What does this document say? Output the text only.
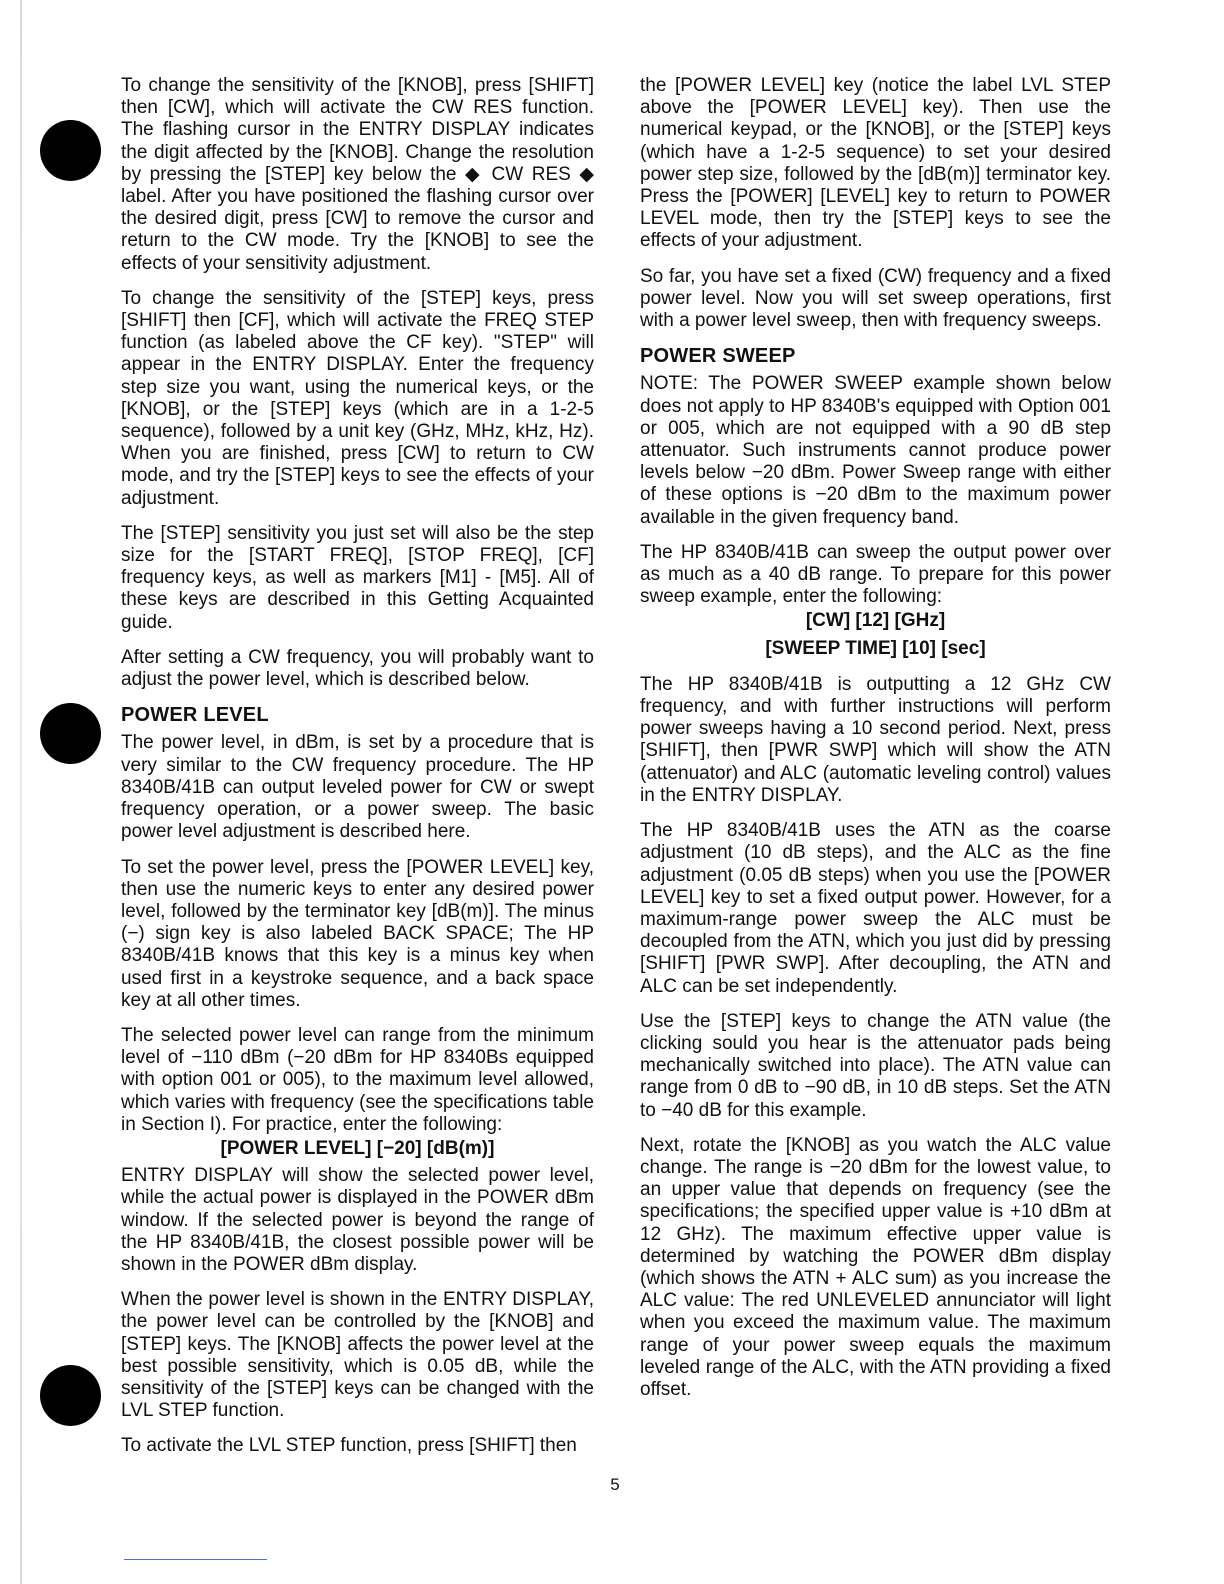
To change the sensitivity of the [KNOB], press [SHIFT] then [CW], which will activate the CW RES function. The flashing cursor in the ENTRY DISPLAY indicates the digit affected by the [KNOB]. Change the resolution by pressing the [STEP] key below the ◆ CW RES ◆ label. After you have positioned the flashing cursor over the desired digit, press [CW] to remove the cursor and return to the CW mode. Try the [KNOB] to see the effects of your sensitivity adjustment.

To change the sensitivity of the [STEP] keys, press [SHIFT] then [CF], which will activate the FREQ STEP function (as labeled above the CF key). "STEP" will appear in the ENTRY DISPLAY. Enter the frequency step size you want, using the numerical keys, or the [KNOB], or the [STEP] keys (which are in a 1-2-5 sequence), followed by a unit key (GHz, MHz, kHz, Hz). When you are finished, press [CW] to return to CW mode, and try the [STEP] keys to see the effects of your adjustment.

The [STEP] sensitivity you just set will also be the step size for the [START FREQ], [STOP FREQ], [CF] frequency keys, as well as markers [M1] - [M5]. All of these keys are described in this Getting Acquainted guide.

After setting a CW frequency, you will probably want to adjust the power level, which is described below.

POWER LEVEL

The power level, in dBm, is set by a procedure that is very similar to the CW frequency procedure. The HP 8340B/41B can output leveled power for CW or swept frequency operation, or a power sweep. The basic power level adjustment is described here.

To set the power level, press the [POWER LEVEL] key, then use the numeric keys to enter any desired power level, followed by the terminator key [dB(m)]. The minus (−) sign key is also labeled BACK SPACE; The HP 8340B/41B knows that this key is a minus key when used first in a keystroke sequence, and a back space key at all other times.

The selected power level can range from the minimum level of −110 dBm (−20 dBm for HP 8340Bs equipped with option 001 or 005), to the maximum level allowed, which varies with frequency (see the specifications table in Section I). For practice, enter the following:

[POWER LEVEL] [−20] [dB(m)]

ENTRY DISPLAY will show the selected power level, while the actual power is displayed in the POWER dBm window. If the selected power is beyond the range of the HP 8340B/41B, the closest possible power will be shown in the POWER dBm display.

When the power level is shown in the ENTRY DISPLAY, the power level can be controlled by the [KNOB] and [STEP] keys. The [KNOB] affects the power level at the best possible sensitivity, which is 0.05 dB, while the sensitivity of the [STEP] keys can be changed with the LVL STEP function.

To activate the LVL STEP function, press [SHIFT] then

the [POWER LEVEL] key (notice the label LVL STEP above the [POWER LEVEL] key). Then use the numerical keypad, or the [KNOB], or the [STEP] keys (which have a 1-2-5 sequence) to set your desired power step size, followed by the [dB(m)] terminator key. Press the [POWER] [LEVEL] key to return to POWER LEVEL mode, then try the [STEP] keys to see the effects of your adjustment.

So far, you have set a fixed (CW) frequency and a fixed power level. Now you will set sweep operations, first with a power level sweep, then with frequency sweeps.

POWER SWEEP

NOTE: The POWER SWEEP example shown below does not apply to HP 8340B's equipped with Option 001 or 005, which are not equipped with a 90 dB step attenuator. Such instruments cannot produce power levels below −20 dBm. Power Sweep range with either of these options is −20 dBm to the maximum power available in the given frequency band.

The HP 8340B/41B can sweep the output power over as much as a 40 dB range. To prepare for this power sweep example, enter the following:

[CW] [12] [GHz]

[SWEEP TIME] [10] [sec]

The HP 8340B/41B is outputting a 12 GHz CW frequency, and with further instructions will perform power sweeps having a 10 second period. Next, press [SHIFT], then [PWR SWP] which will show the ATN (attenuator) and ALC (automatic leveling control) values in the ENTRY DISPLAY.

The HP 8340B/41B uses the ATN as the coarse adjustment (10 dB steps), and the ALC as the fine adjustment (0.05 dB steps) when you use the [POWER LEVEL] key to set a fixed output power. However, for a maximum-range power sweep the ALC must be decoupled from the ATN, which you just did by pressing [SHIFT] [PWR SWP]. After decoupling, the ATN and ALC can be set independently.

Use the [STEP] keys to change the ATN value (the clicking sould you hear is the attenuator pads being mechanically switched into place). The ATN value can range from 0 dB to −90 dB, in 10 dB steps. Set the ATN to −40 dB for this example.

Next, rotate the [KNOB] as you watch the ALC value change. The range is −20 dBm for the lowest value, to an upper value that depends on frequency (see the specifications; the specified upper value is +10 dBm at 12 GHz). The maximum effective upper value is determined by watching the POWER dBm display (which shows the ATN + ALC sum) as you increase the ALC value: The red UNLEVELED annunciator will light when you exceed the maximum value. The maximum range of your power sweep equals the maximum leveled range of the ALC, with the ATN providing a fixed offset.

5
